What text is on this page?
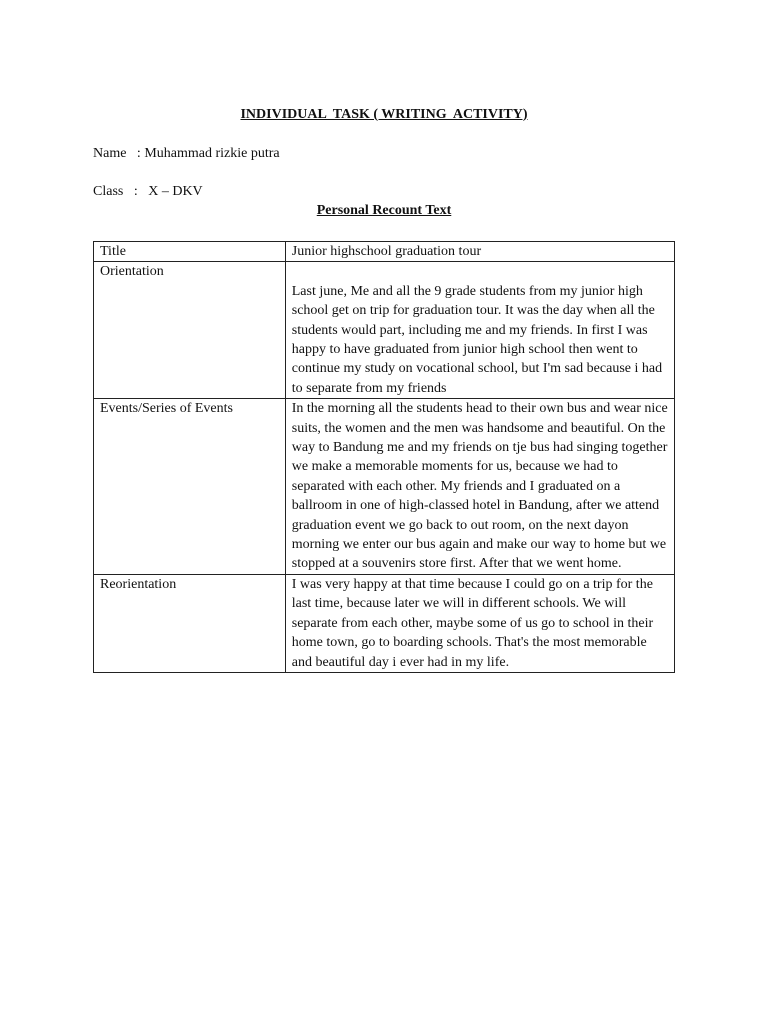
INDIVIDUAL  TASK ( WRITING  ACTIVITY)
Name   : Muhammad rizkie putra
Class   :   X – DKV
Personal Recount Text
Title	Junior highschool graduation tour

Orientation	Last june, Me and all the 9 grade students from my junior high school get on trip for graduation tour. It was the day when all the students would part, including me and my friends. In first I was happy to have graduated from junior high school then went to continue my study on vocational school, but I'm sad because i had to separate from my friends

Events/Series of Events	In the morning all the students head to their own bus and wear nice suits, the women and the men was handsome and beautiful. On the way to Bandung me and my friends on tje bus had singing together we make a memorable moments for us, because we had to separated with each other. My friends and I graduated on a ballroom in one of high-classed hotel in Bandung, after we attend graduation event we go back to out room, on the next dayon morning we enter our bus again and make our way to home but we stopped at a souvenirs store first. After that we went home.

Reorientation	I was very happy at that time because I could go on a trip for the last time, because later we will in different schools. We will separate from each other, maybe some of us go to school in their home town, go to boarding schools. That's the most memorable and beautiful day i ever had in my life.
